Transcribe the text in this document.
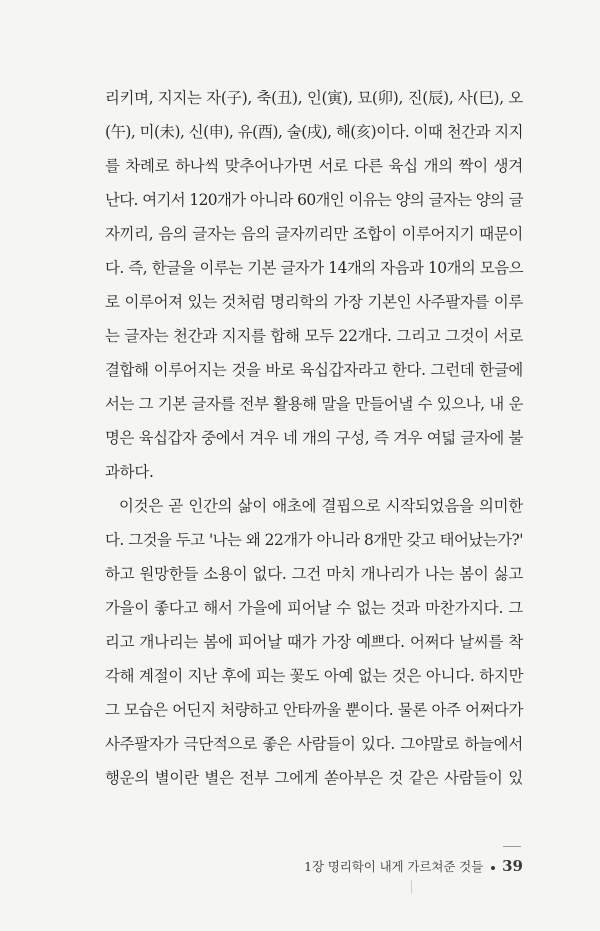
리키며, 지지는 자(子), 축(丑), 인(寅), 묘(卯), 진(辰), 사(巳), 오
(午), 미(未), 신(申), 유(酉), 술(戌), 해(亥)이다. 이때 천간과 지지
를 차례로 하나씩 맞추어나가면 서로 다른 육십 개의 짝이 생겨
난다. 여기서 120개가 아니라 60개인 이유는 양의 글자는 양의 글
자끼리, 음의 글자는 음의 글자끼리만 조합이 이루어지기 때문이
다. 즉, 한글을 이루는 기본 글자가 14개의 자음과 10개의 모음으
로 이루어져 있는 것처럼 명리학의 가장 기본인 사주팔자를 이루
는 글자는 천간과 지지를 합해 모두 22개다. 그리고 그것이 서로
결합해 이루어지는 것을 바로 육십갑자라고 한다. 그런데 한글에
서는 그 기본 글자를 전부 활용해 말을 만들어낼 수 있으나, 내 운
명은 육십갑자 중에서 겨우 네 개의 구성, 즉 겨우 여덟 글자에 불
과하다.
이것은 곧 인간의 삶이 애초에 결핍으로 시작되었음을 의미한
다. 그것을 두고 '나는 왜 22개가 아니라 8개만 갖고 태어났는가?'
하고 원망한들 소용이 없다. 그건 마치 개나리가 나는 봄이 싫고
가을이 좋다고 해서 가을에 피어날 수 없는 것과 마찬가지다. 그
리고 개나리는 봄에 피어날 때가 가장 예쁘다. 어쩌다 날씨를 착
각해 계절이 지난 후에 피는 꽃도 아예 없는 것은 아니다. 하지만
그 모습은 어딘지 처량하고 안타까울 뿐이다. 물론 아주 어쩌다가
사주팔자가 극단적으로 좋은 사람들이 있다. 그야말로 하늘에서
행운의 별이란 별은 전부 그에게 쏟아부은 것 같은 사람들이 있
1장 명리학이 내게 가르쳐준 것들 39
